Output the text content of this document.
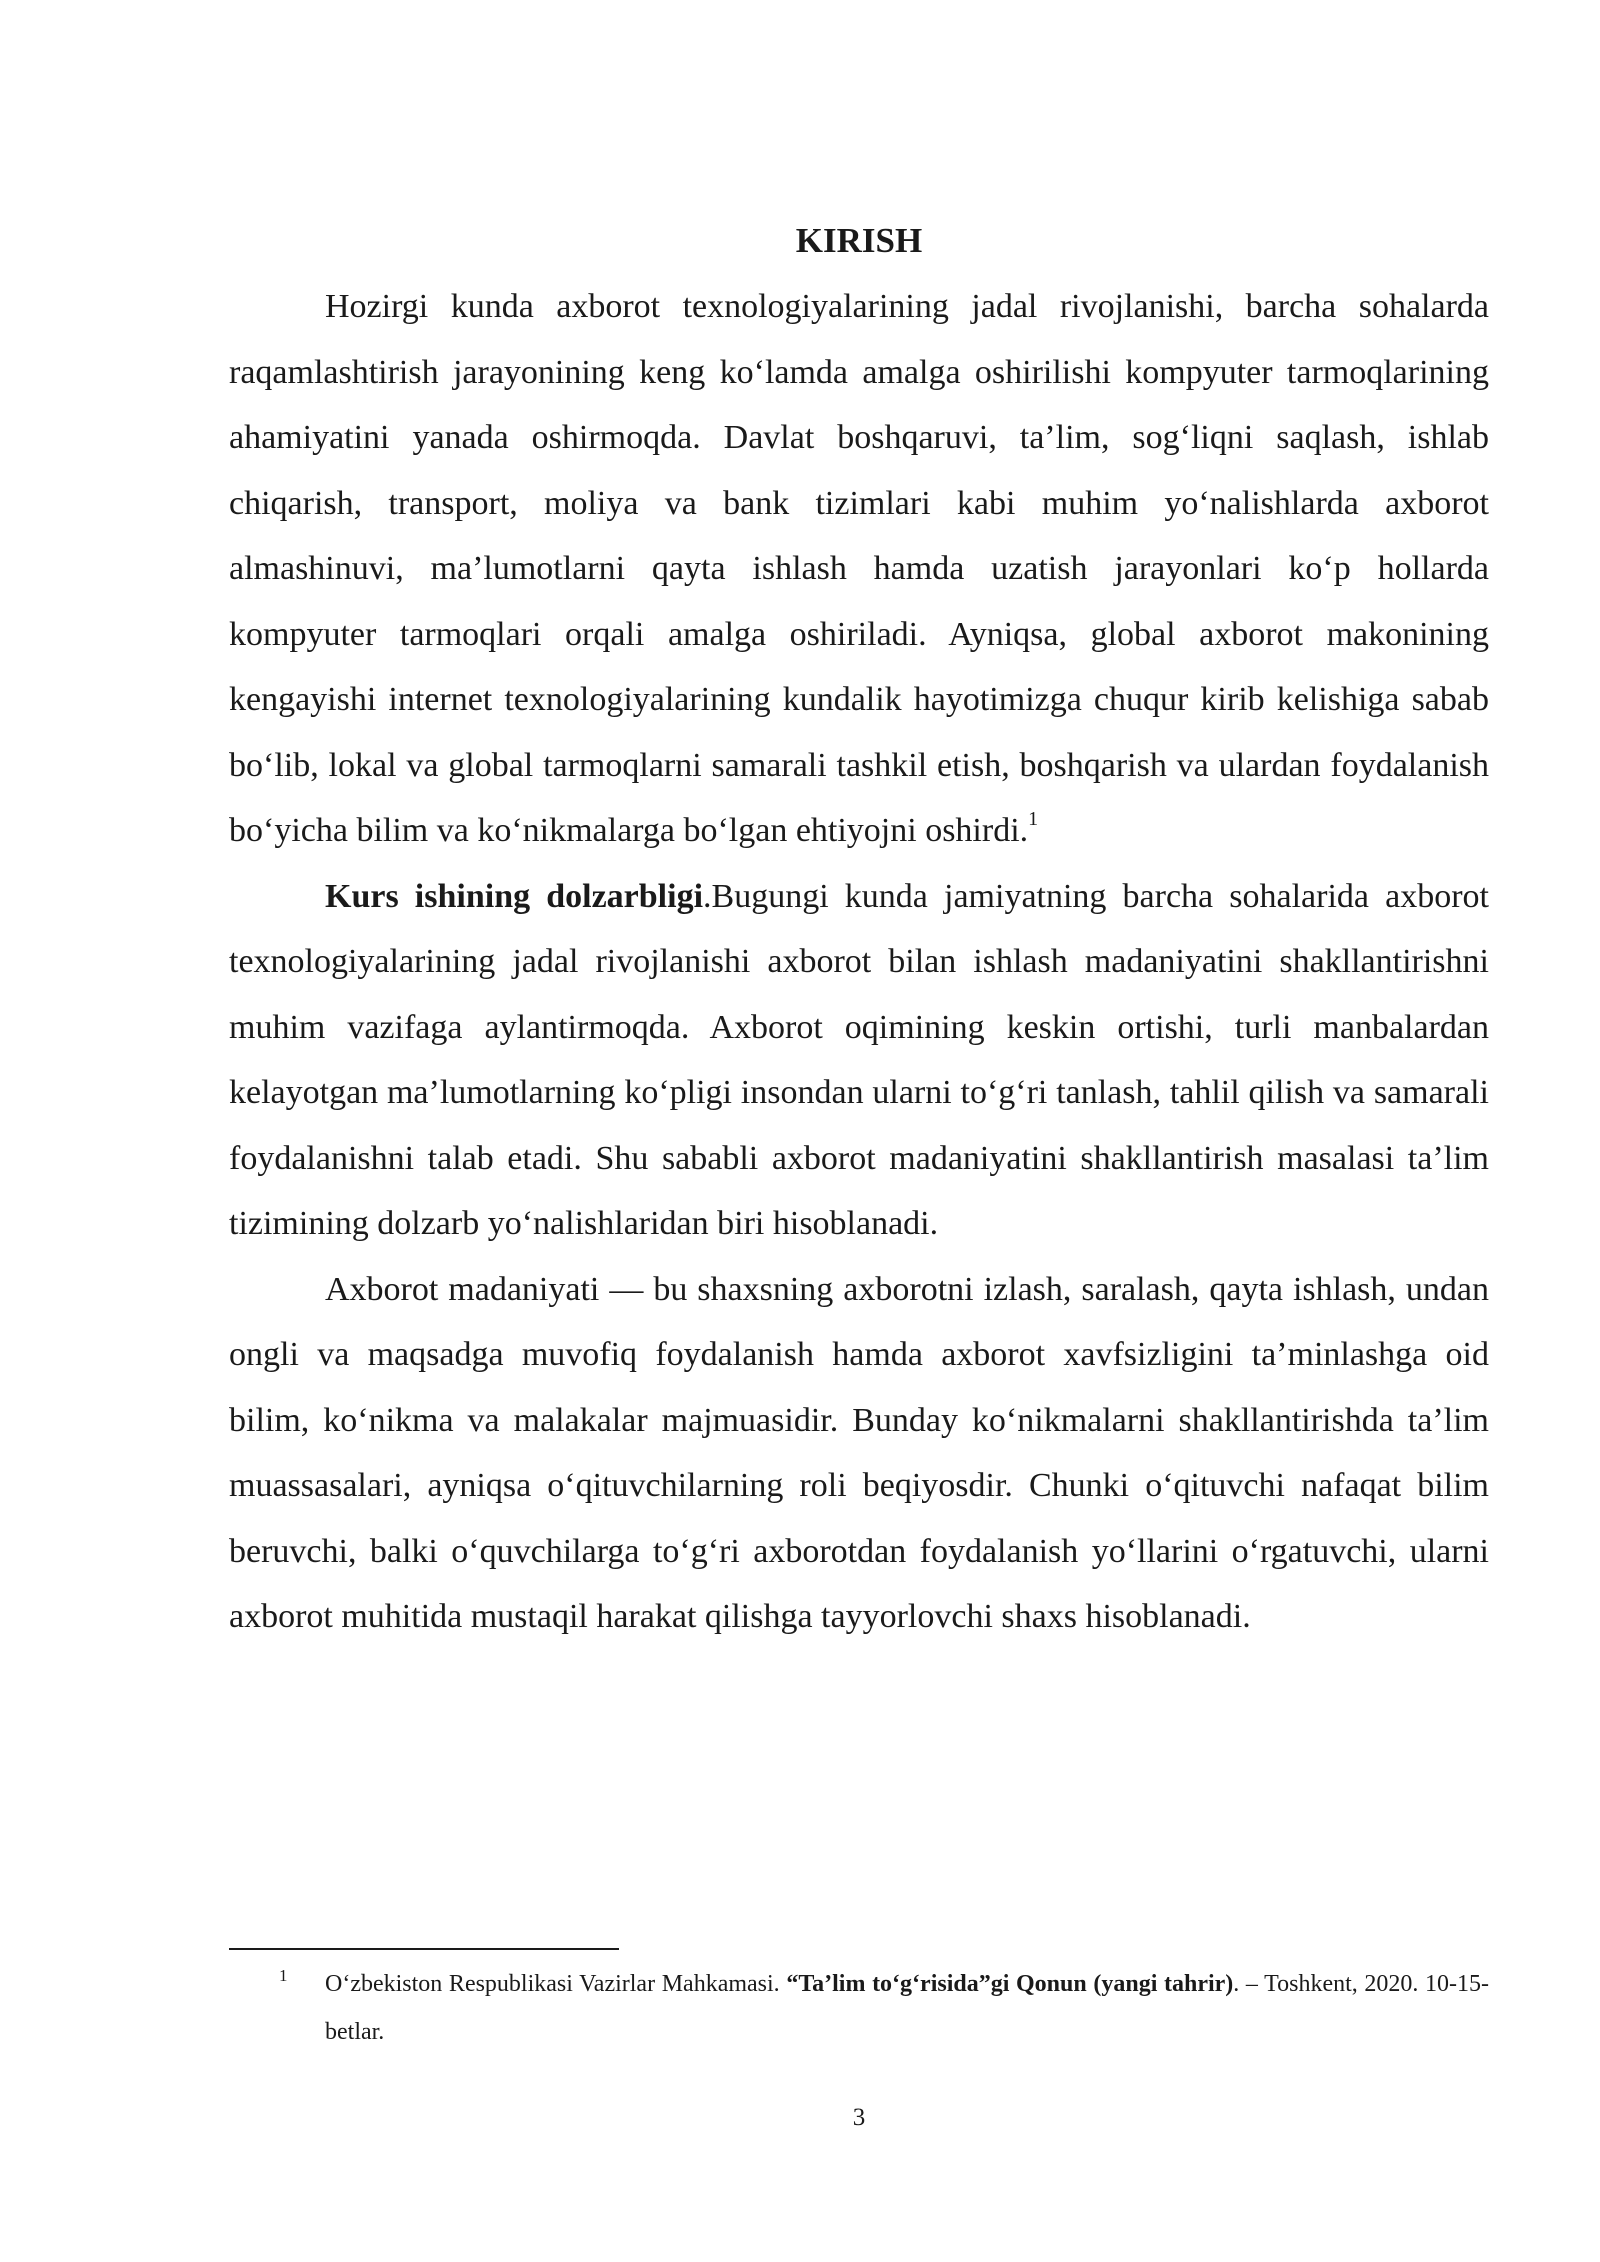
KIRISH

Hozirgi kunda axborot texnologiyalarining jadal rivojlanishi, barcha sohalarda raqamlashtirish jarayonining keng ko‘lamda amalga oshirilishi kompyuter tarmoqlarining ahamiyatini yanada oshirmoqda. Davlat boshqaruvi, ta’lim, sog‘liqni saqlash, ishlab chiqarish, transport, moliya va bank tizimlari kabi muhim yo‘nalishlarda axborot almashinuvi, ma’lumotlarni qayta ishlash hamda uzatish jarayonlari ko‘p hollarda kompyuter tarmoqlari orqali amalga oshiriladi. Ayniqsa, global axborot makonining kengayishi internet texnologiyalarining kundalik hayotimizga chuqur kirib kelishiga sabab bo‘lib, lokal va global tarmoqlarni samarali tashkil etish, boshqarish va ulardan foydalanish bo‘yicha bilim va ko‘nikmalarga bo‘lgan ehtiyojni oshirdi.$^1$

Kurs ishining dolzarbligi.Bugungi kunda jamiyatning barcha sohalarida axborot texnologiyalarining jadal rivojlanishi axborot bilan ishlash madaniyatini shakllantirishni muhim vazifaga aylantirmoqda. Axborot oqimining keskin ortishi, turli manbalardan kelayotgan ma’lumotlarning ko‘pligi insondan ularni to‘g‘ri tanlash, tahlil qilish va samarali foydalanishni talab etadi. Shu sababli axborot madaniyatini shakllantirish masalasi ta’lim tizimining dolzarb yo‘nalishlaridan biri hisoblanadi.

Axborot madaniyati — bu shaxsning axborotni izlash, saralash, qayta ishlash, undan ongli va maqsadga muvofiq foydalanish hamda axborot xavfsizligini ta’minlashga oid bilim, ko‘nikma va malakalar majmuasidir. Bunday ko‘nikmalarni shakllantirishda ta’lim muassasalari, ayniqsa o‘qituvchilarning roli beqiyosdir. Chunki o‘qituvchi nafaqat bilim beruvchi, balki o‘quvchilarga to‘g‘ri axborotdan foydalanish yo‘llarini o‘rgatuvchi, ularni axborot muhitida mustaqil harakat qilishga tayyorlovchi shaxs hisoblanadi.

1 O‘zbekiston Respublikasi Vazirlar Mahkamasi. “Ta’lim to‘g‘risida”gi Qonun (yangi tahrir). – Toshkent, 2020. 10-15-betlar.
3
